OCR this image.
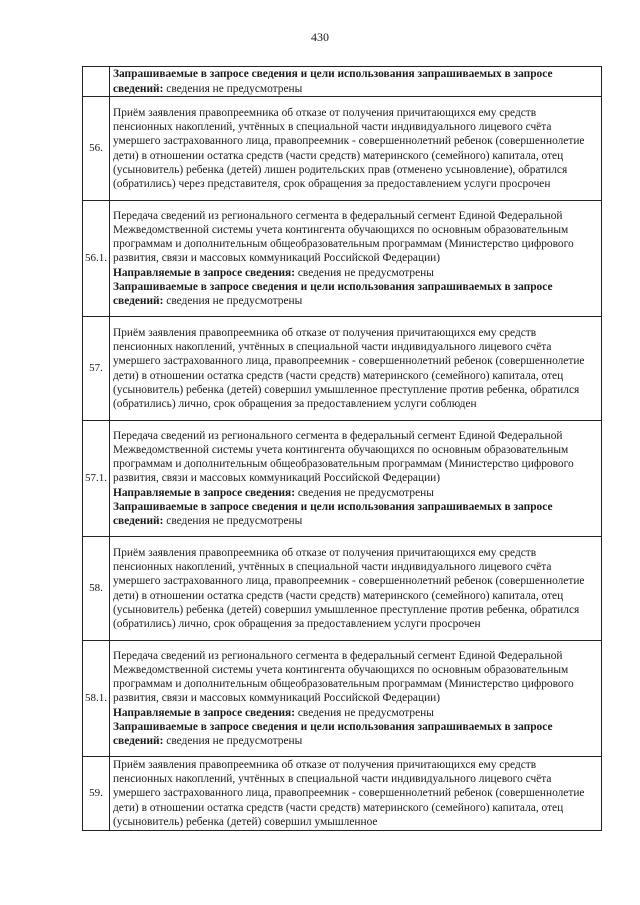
430

	Запрашиваемые в запросе сведения и цели использования запрашиваемых в запросе сведений: сведения не предусмотрены

56.	Приём заявления правопреемника об отказе от получения причитающихся ему средств пенсионных накоплений, учтённых в специальной части индивидуального лицевого счёта умершего застрахованного лица, правопреемник - совершеннолетний ребенок (совершеннолетие дети) в отношении остатка средств (части средств) материнского (семейного) капитала, отец (усыновитель) ребенка (детей) лишен родительских прав (отменено усыновление), обратился (обратились) через представителя, срок обращения за предоставлением услуги просрочен

56.1.	Передача сведений из регионального сегмента в федеральный сегмент Единой Федеральной Межведомственной системы учета контингента обучающихся по основным образовательным программам и дополнительным общеобразовательным программам (Министерство цифрового развития, связи и массовых коммуникаций Российской Федерации)
Направляемые в запросе сведения: сведения не предусмотрены
Запрашиваемые в запросе сведения и цели использования запрашиваемых в запросе сведений: сведения не предусмотрены

57.	Приём заявления правопреемника об отказе от получения причитающихся ему средств пенсионных накоплений, учтённых в специальной части индивидуального лицевого счёта умершего застрахованного лица, правопреемник - совершеннолетний ребенок (совершеннолетие дети) в отношении остатка средств (части средств) материнского (семейного) капитала, отец (усыновитель) ребенка (детей) совершил умышленное преступление против ребенка, обратился (обратились) лично, срок обращения за предоставлением услуги соблюден

57.1.	Передача сведений из регионального сегмента в федеральный сегмент Единой Федеральной Межведомственной системы учета контингента обучающихся по основным образовательным программам и дополнительным общеобразовательным программам (Министерство цифрового развития, связи и массовых коммуникаций Российской Федерации)
Направляемые в запросе сведения: сведения не предусмотрены
Запрашиваемые в запросе сведения и цели использования запрашиваемых в запросе сведений: сведения не предусмотрены

58.	Приём заявления правопреемника об отказе от получения причитающихся ему средств пенсионных накоплений, учтённых в специальной части индивидуального лицевого счёта умершего застрахованного лица, правопреемник - совершеннолетний ребенок (совершеннолетие дети) в отношении остатка средств (части средств) материнского (семейного) капитала, отец (усыновитель) ребенка (детей) совершил умышленное преступление против ребенка, обратился (обратились) лично, срок обращения за предоставлением услуги просрочен

58.1.	Передача сведений из регионального сегмента в федеральный сегмент Единой Федеральной Межведомственной системы учета контингента обучающихся по основным образовательным программам и дополнительным общеобразовательным программам (Министерство цифрового развития, связи и массовых коммуникаций Российской Федерации)
Направляемые в запросе сведения: сведения не предусмотрены
Запрашиваемые в запросе сведения и цели использования запрашиваемых в запросе сведений: сведения не предусмотрены

59.	Приём заявления правопреемника об отказе от получения причитающихся ему средств пенсионных накоплений, учтённых в специальной части индивидуального лицевого счёта умершего застрахованного лица, правопреемник - совершеннолетний ребенок (совершеннолетие дети) в отношении остатка средств (части средств) материнского (семейного) капитала, отец (усыновитель) ребенка (детей) совершил умышленное
